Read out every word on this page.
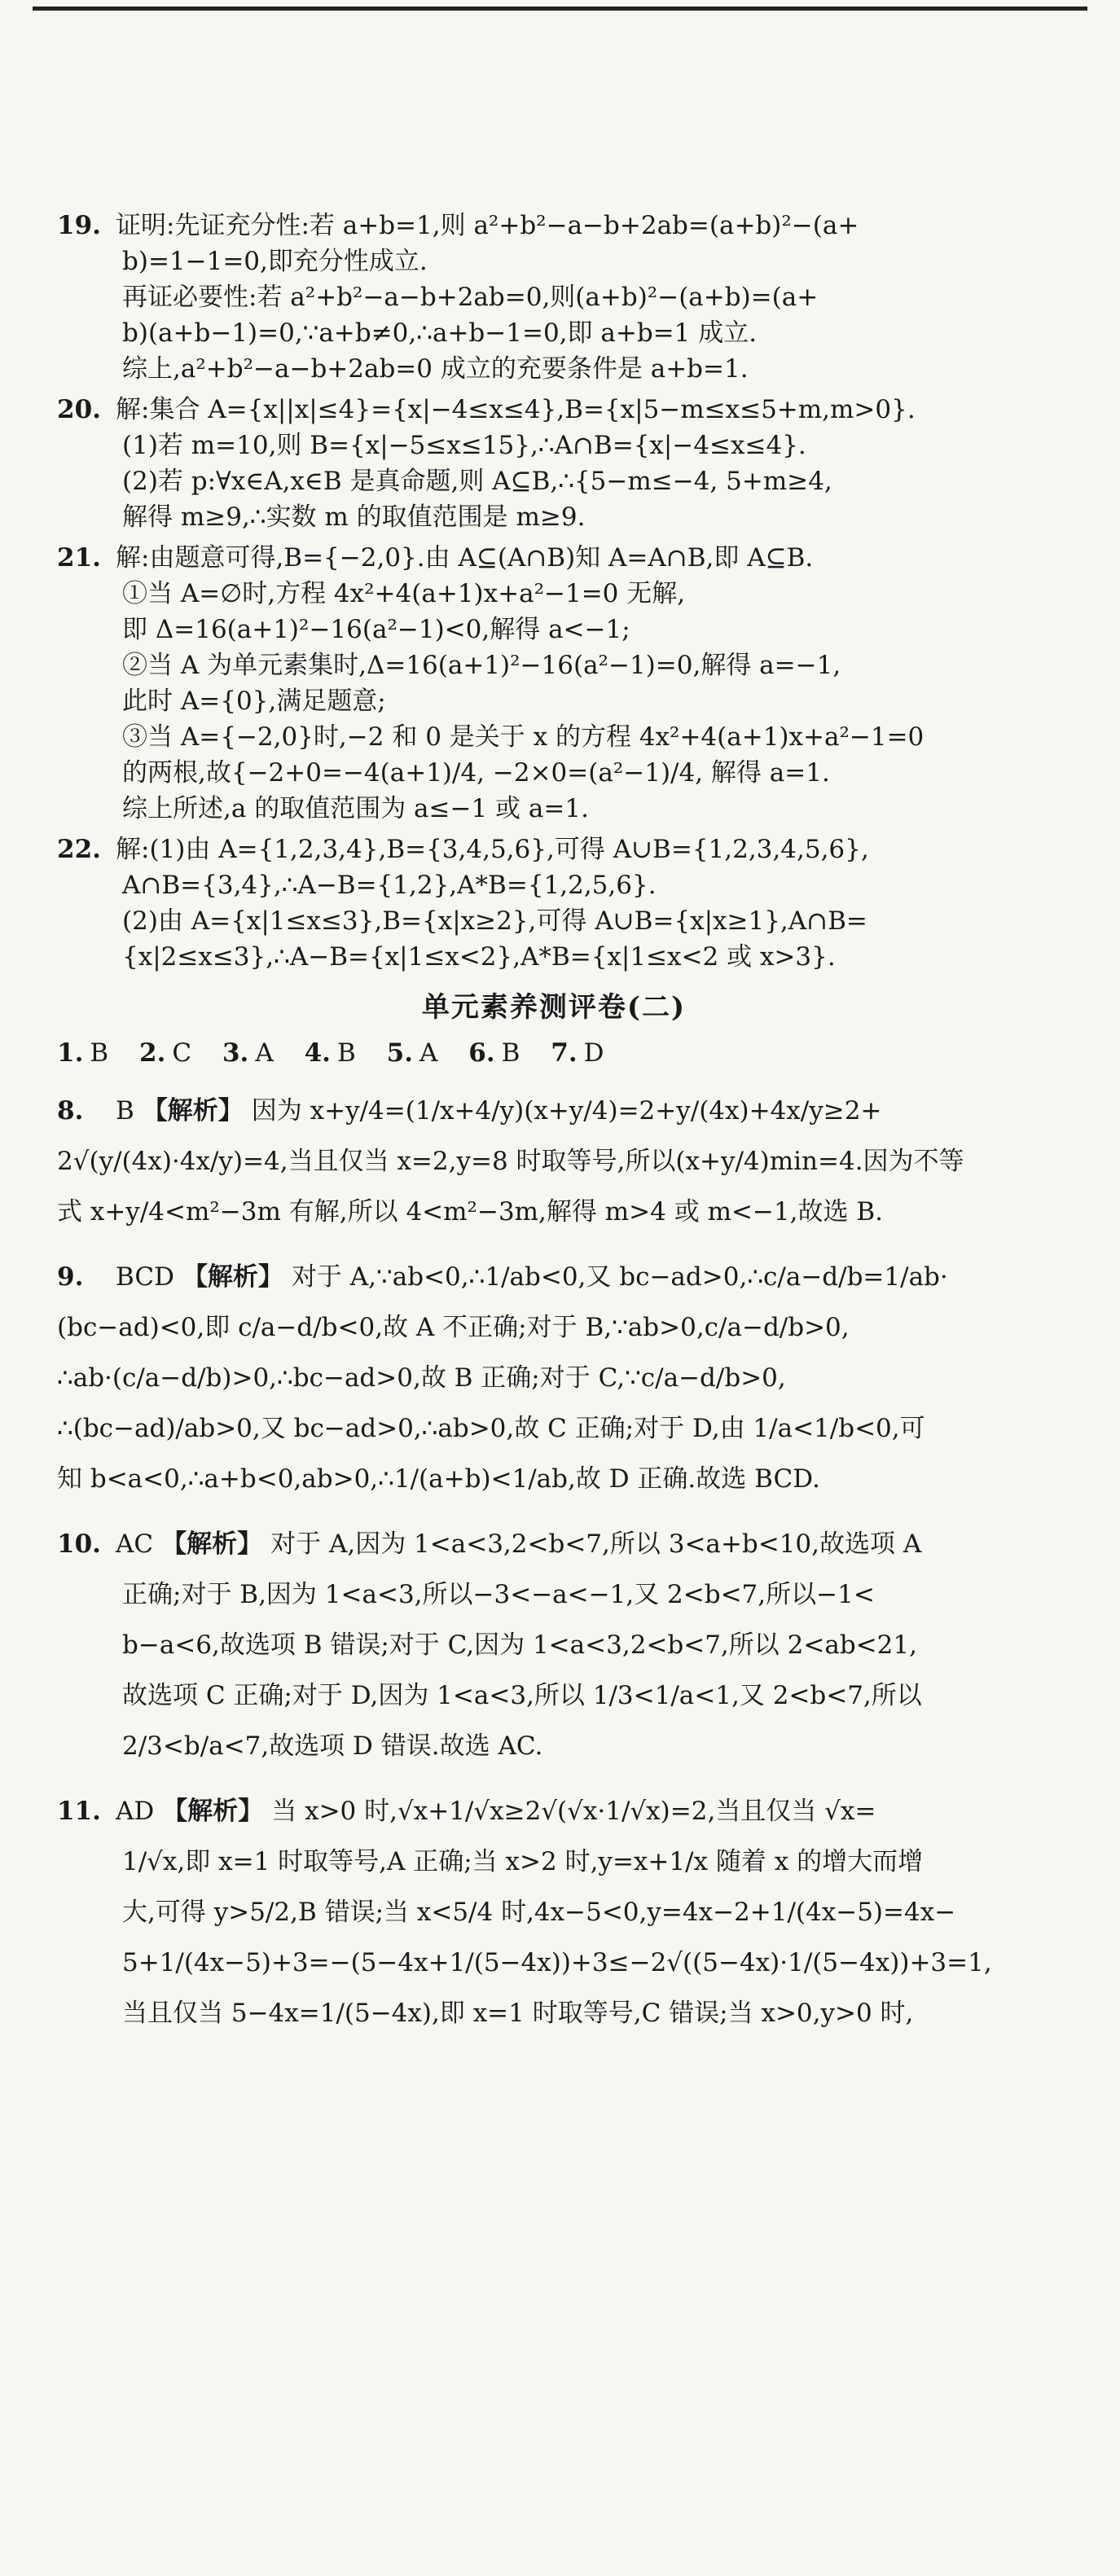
19. 证明:先证充分性:若 a+b=1,则 a²+b²−a−b+2ab=(a+b)²−(a+
b)=1−1=0,即充分性成立.
再证必要性:若 a²+b²−a−b+2ab=0,则(a+b)²−(a+b)=(a+
b)(a+b−1)=0,∵a+b≠0,∴a+b−1=0,即 a+b=1 成立.
综上,a²+b²−a−b+2ab=0 成立的充要条件是 a+b=1.
20. 解:集合 A={x||x|≤4}={x|−4≤x≤4},B={x|5−m≤x≤5+m,m>0}.
(1)若 m=10,则 B={x|−5≤x≤15},∴A∩B={x|−4≤x≤4}.
(2)若 p:∀x∈A,x∈B 是真命题,则 A⊆B,∴{5−m≤−4, 5+m≥4,
解得 m≥9,∴实数 m 的取值范围是 m≥9.
21. 解:由题意可得,B={−2,0}.由 A⊆(A∩B)知 A=A∩B,即 A⊆B.
①当 A=∅时,方程 4x²+4(a+1)x+a²−1=0 无解,
即 Δ=16(a+1)²−16(a²−1)<0,解得 a<−1;
②当 A 为单元素集时,Δ=16(a+1)²−16(a²−1)=0,解得 a=−1,
此时 A={0},满足题意;
③当 A={−2,0}时,−2 和 0 是关于 x 的方程 4x²+4(a+1)x+a²−1=0
的两根,故{−2+0=−4(a+1)/4, −2×0=(a²−1)/4, 解得 a=1.
综上所述,a 的取值范围为 a≤−1 或 a=1.
22. 解:(1)由 A={1,2,3,4},B={3,4,5,6},可得 A∪B={1,2,3,4,5,6},
A∩B={3,4},∴A−B={1,2},A*B={1,2,5,6}.
(2)由 A={x|1≤x≤3},B={x|x≥2},可得 A∪B={x|x≥1},A∩B=
{x|2≤x≤3},∴A−B={x|1≤x<2},A*B={x|1≤x<2 或 x>3}.
单元素养测评卷(二)
1. B 2. C 3. A 4. B 5. A 6. B 7. D
8. B 【解析】 因为 x+y/4=(1/x+4/y)(x+y/4)=2+y/(4x)+4x/y≥2+
2√(y/(4x)·4x/y)=4,当且仅当 x=2,y=8 时取等号,所以(x+y/4)min=4.因为不等
式 x+y/4<m²−3m 有解,所以 4<m²−3m,解得 m>4 或 m<−1,故选 B.
9. BCD 【解析】 对于 A,∵ab<0,∴1/ab<0,又 bc−ad>0,∴c/a−d/b=1/ab·
(bc−ad)<0,即 c/a−d/b<0,故 A 不正确;对于 B,∵ab>0,c/a−d/b>0,
∴ab·(c/a−d/b)>0,∴bc−ad>0,故 B 正确;对于 C,∵c/a−d/b>0,
∴(bc−ad)/ab>0,又 bc−ad>0,∴ab>0,故 C 正确;对于 D,由 1/a<1/b<0,可
知 b<a<0,∴a+b<0,ab>0,∴1/(a+b)<1/ab,故 D 正确.故选 BCD.
10. AC 【解析】 对于 A,因为 1<a<3,2<b<7,所以 3<a+b<10,故选项 A
正确;对于 B,因为 1<a<3,所以−3<−a<−1,又 2<b<7,所以−1<
b−a<6,故选项 B 错误;对于 C,因为 1<a<3,2<b<7,所以 2<ab<21,
故选项 C 正确;对于 D,因为 1<a<3,所以 1/3<1/a<1,又 2<b<7,所以
2/3<b/a<7,故选项 D 错误.故选 AC.
11. AD 【解析】 当 x>0 时,√x+1/√x≥2√(√x·1/√x)=2,当且仅当 √x=
1/√x,即 x=1 时取等号,A 正确;当 x>2 时,y=x+1/x 随着 x 的增大而增
大,可得 y>5/2,B 错误;当 x<5/4 时,4x−5<0,y=4x−2+1/(4x−5)=4x−
5+1/(4x−5)+3=−(5−4x+1/(5−4x))+3≤−2√((5−4x)·1/(5−4x))+3=1,
当且仅当 5−4x=1/(5−4x),即 x=1 时取等号,C 错误;当 x>0,y>0 时,
